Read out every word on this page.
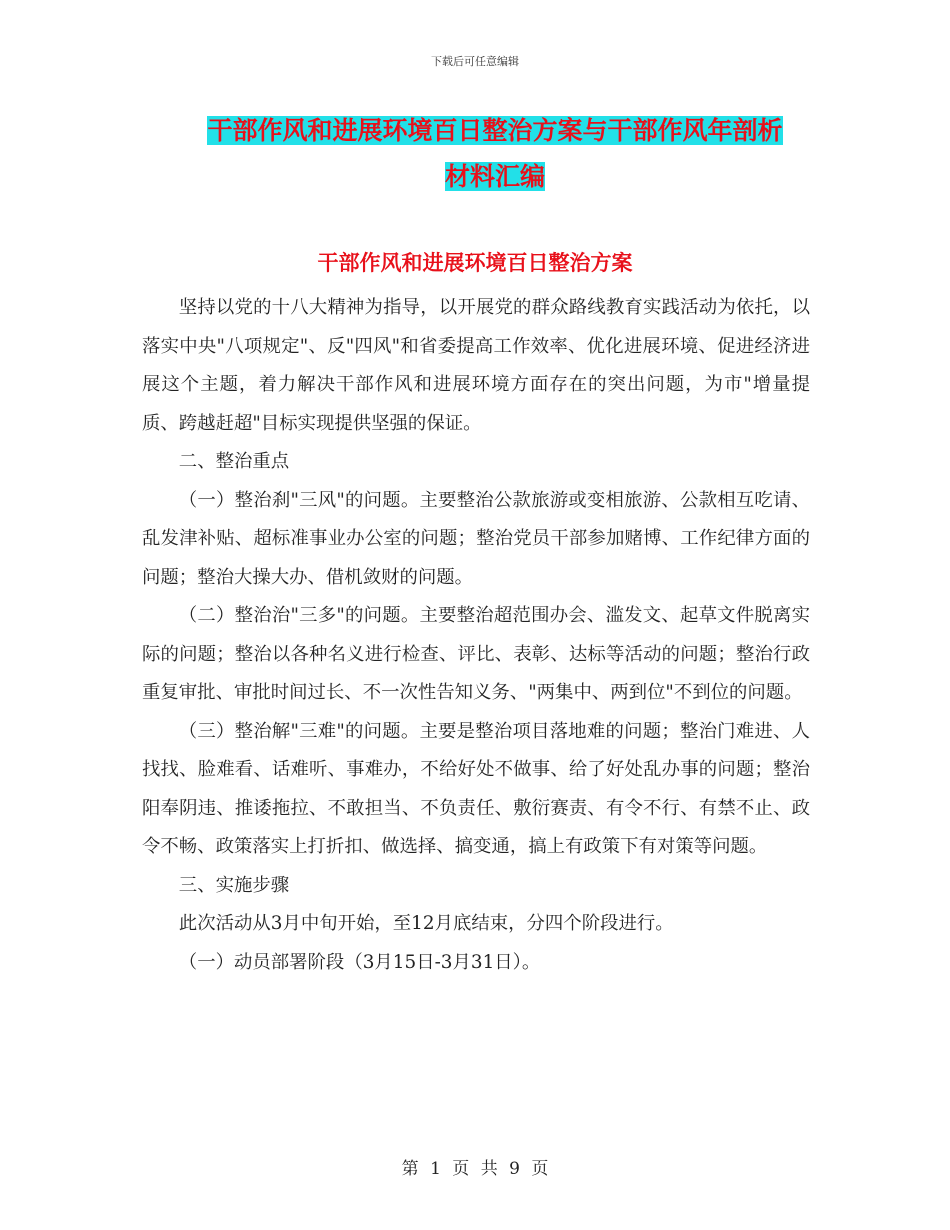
下载后可任意编辑
干部作风和进展环境百日整治方案与干部作风年剖析
材料汇编
干部作风和进展环境百日整治方案

坚持以党的十八大精神为指导，以开展党的群众路线教育实践活动为依托，以落实中央"八项规定"、反"四风"和省委提高工作效率、优化进展环境、促进经济进展这个主题，着力解决干部作风和进展环境方面存在的突出问题，为市"增量提质、跨越赶超"目标实现提供坚强的保证。

二、整治重点

（一）整治刹"三风"的问题。主要整治公款旅游或变相旅游、公款相互吃请、乱发津补贴、超标准事业办公室的问题；整治党员干部参加赌博、工作纪律方面的问题；整治大操大办、借机敛财的问题。

（二）整治治"三多"的问题。主要整治超范围办会、滥发文、起草文件脱离实际的问题；整治以各种名义进行检查、评比、表彰、达标等活动的问题；整治行政重复审批、审批时间过长、不一次性告知义务、"两集中、两到位"不到位的问题。

（三）整治解"三难"的问题。主要是整治项目落地难的问题；整治门难进、人找找、脸难看、话难听、事难办，不给好处不做事、给了好处乱办事的问题；整治阳奉阴违、推诿拖拉、不敢担当、不负责任、敷衍赛责、有令不行、有禁不止、政令不畅、政策落实上打折扣、做选择、搞变通，搞上有政策下有对策等问题。

三、实施步骤

此次活动从3月中旬开始，至12月底结束，分四个阶段进行。

（一）动员部署阶段（3月15日-3月31日）。

第 1 页 共 9 页
